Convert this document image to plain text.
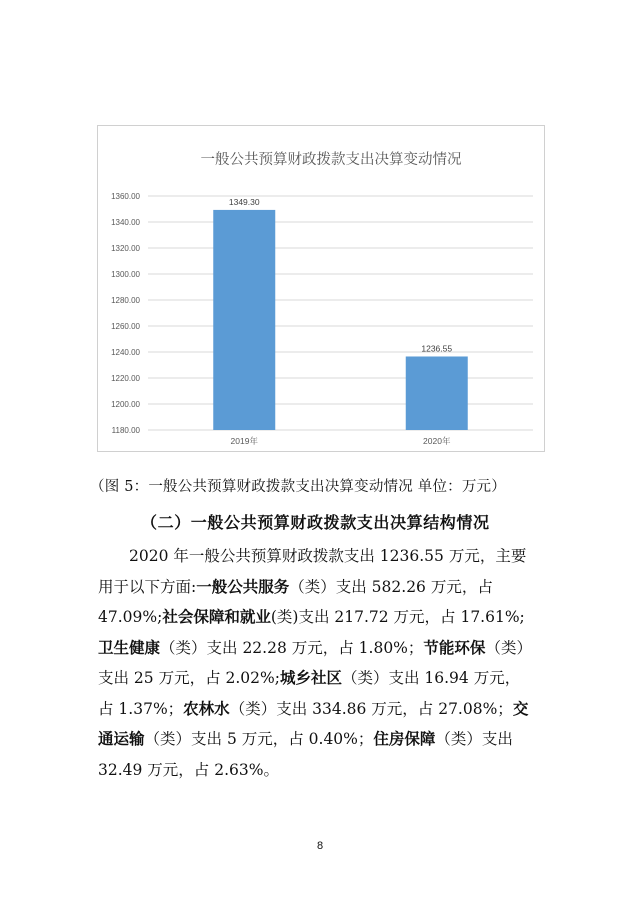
一般公共预算财政拨款支出决算变动情况
1180.00
1200.00
1220.00
1240.00
1260.00
1280.00
1300.00
1320.00
1340.00
1360.00
1349.30
1236.55
2019年	2020年
（图 5：一般公共预算财政拨款支出决算变动情况 单位：万元）
（二）一般公共预算财政拨款支出决算结构情况
2020 年一般公共预算财政拨款支出 1236.55 万元，主要
用于以下方面:一般公共服务（类）支出 582.26 万元，占
47.09%;社会保障和就业(类)支出 217.72 万元，占 17.61%;
卫生健康（类）支出 22.28 万元，占 1.80%；节能环保（类）
支出 25 万元，占 2.02%;城乡社区（类）支出 16.94 万元，
占 1.37%；农林水（类）支出 334.86 万元，占 27.08%；交
通运输（类）支出 5 万元，占 0.40%；住房保障（类）支出
32.49 万元，占 2.63%。
8
